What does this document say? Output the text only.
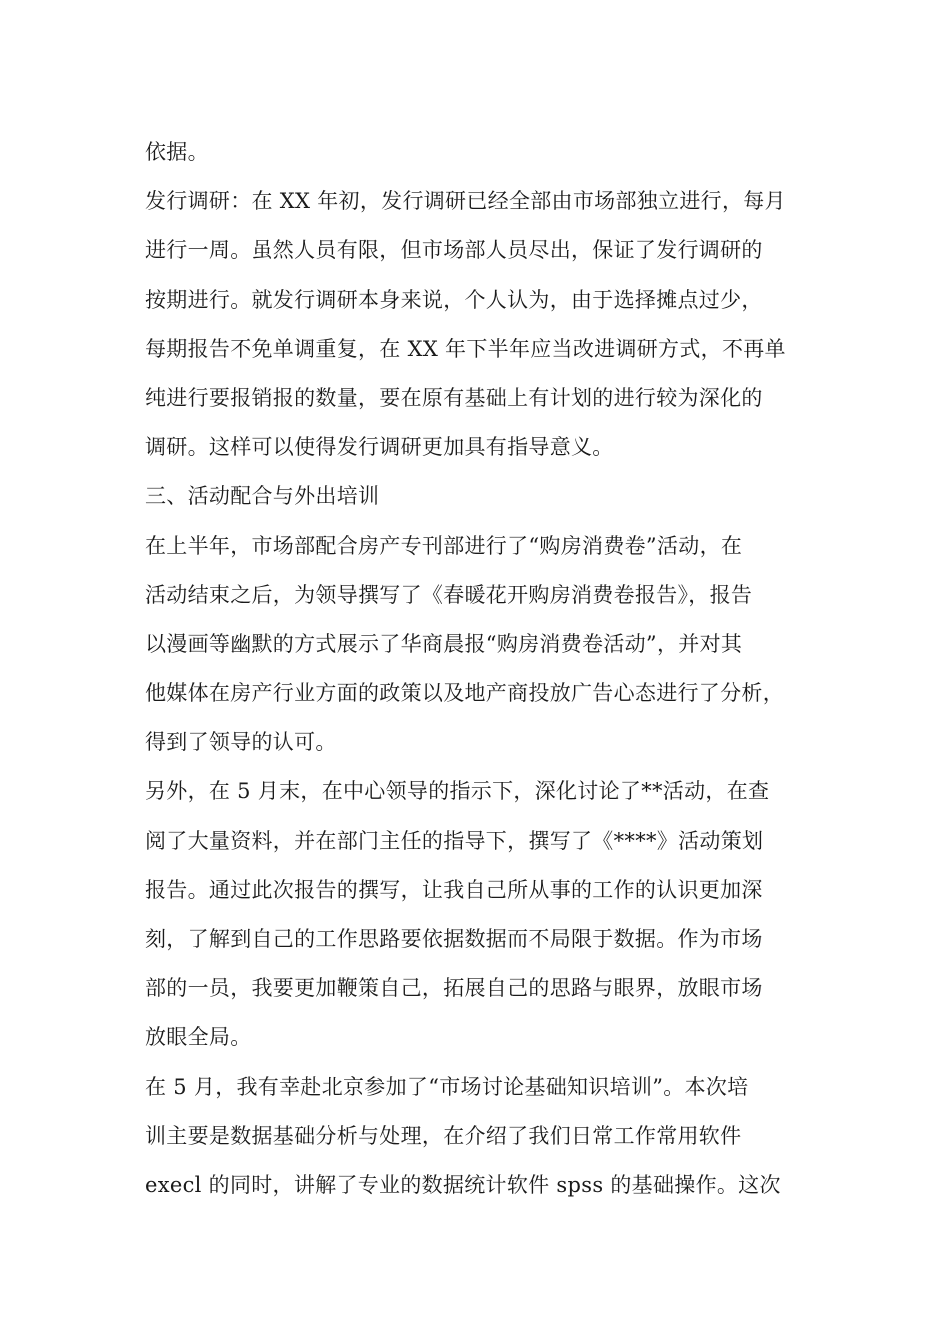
依据。
发行调研：在 XX 年初，发行调研已经全部由市场部独立进行，每月
进行一周。虽然人员有限，但市场部人员尽出，保证了发行调研的
按期进行。就发行调研本身来说，个人认为，由于选择摊点过少，
每期报告不免单调重复，在 XX 年下半年应当改进调研方式，不再单
纯进行要报销报的数量，要在原有基础上有计划的进行较为深化的
调研。这样可以使得发行调研更加具有指导意义。
三、活动配合与外出培训
在上半年，市场部配合房产专刊部进行了“购房消费卷”活动，在
活动结束之后，为领导撰写了《春暖花开购房消费卷报告》，报告
以漫画等幽默的方式展示了华商晨报“购房消费卷活动”，并对其
他媒体在房产行业方面的政策以及地产商投放广告心态进行了分析，
得到了领导的认可。
另外，在 5 月末，在中心领导的指示下，深化讨论了**活动，在查
阅了大量资料，并在部门主任的指导下，撰写了《****》活动策划
报告。通过此次报告的撰写，让我自己所从事的工作的认识更加深
刻，了解到自己的工作思路要依据数据而不局限于数据。作为市场
部的一员，我要更加鞭策自己，拓展自己的思路与眼界，放眼市场
放眼全局。
在 5 月，我有幸赴北京参加了“市场讨论基础知识培训”。本次培
训主要是数据基础分析与处理，在介绍了我们日常工作常用软件
execl 的同时，讲解了专业的数据统计软件 spss 的基础操作。这次
